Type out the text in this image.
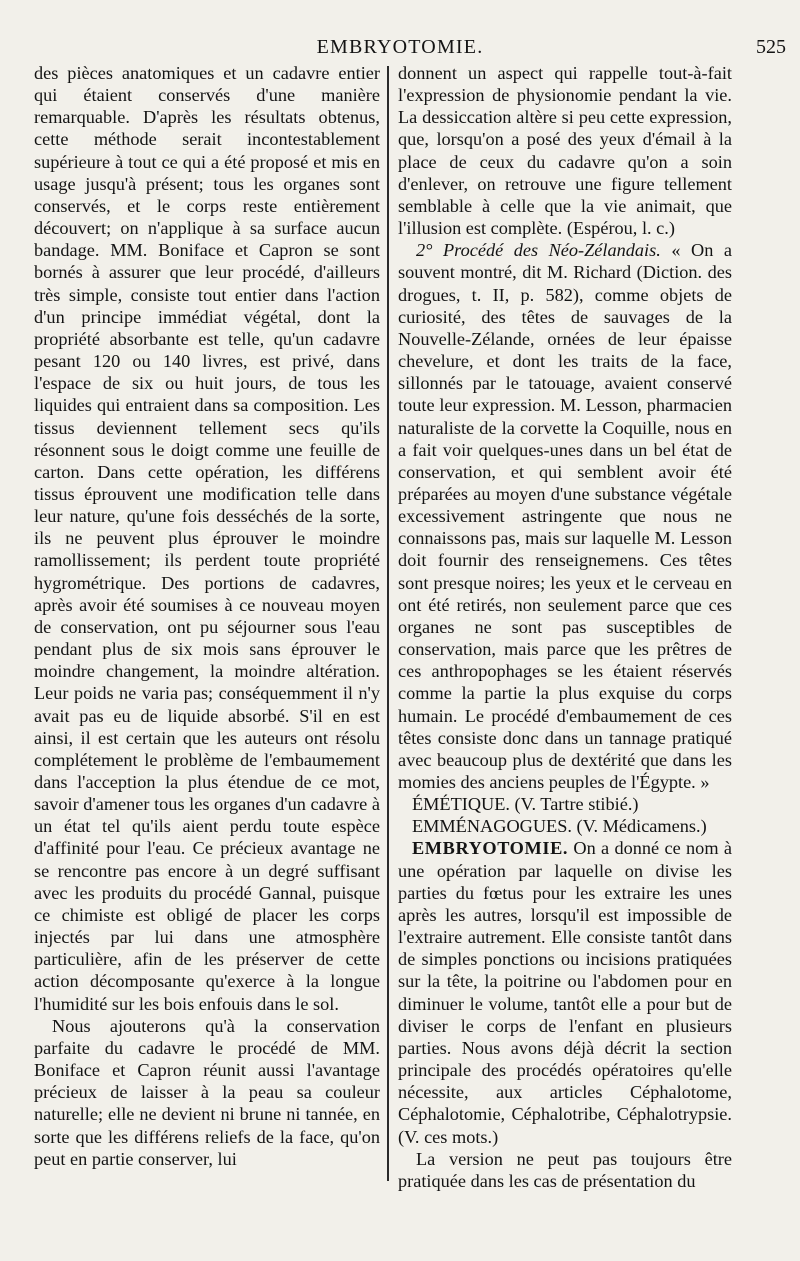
EMBRYOTOMIE.	525

des pièces anatomiques et un cadavre entier qui étaient conservés d'une manière remarquable. D'après les résultats obtenus, cette méthode serait incontestablement supérieure à tout ce qui a été proposé et mis en usage jusqu'à présent; tous les organes sont conservés, et le corps reste entièrement découvert; on n'applique à sa surface aucun bandage. MM. Boniface et Capron se sont bornés à assurer que leur procédé, d'ailleurs très simple, consiste tout entier dans l'action d'un principe immédiat végétal, dont la propriété absorbante est telle, qu'un cadavre pesant 120 ou 140 livres, est privé, dans l'espace de six ou huit jours, de tous les liquides qui entraient dans sa composition. Les tissus deviennent tellement secs qu'ils résonnent sous le doigt comme une feuille de carton. Dans cette opération, les différens tissus éprouvent une modification telle dans leur nature, qu'une fois desséchés de la sorte, ils ne peuvent plus éprouver le moindre ramollissement; ils perdent toute propriété hygrométrique. Des portions de cadavres, après avoir été soumises à ce nouveau moyen de conservation, ont pu séjourner sous l'eau pendant plus de six mois sans éprouver le moindre changement, la moindre altération. Leur poids ne varia pas; conséquemment il n'y avait pas eu de liquide absorbé. S'il en est ainsi, il est certain que les auteurs ont résolu complétement le problème de l'embaumement dans l'acception la plus étendue de ce mot, savoir d'amener tous les organes d'un cadavre à un état tel qu'ils aient perdu toute espèce d'affinité pour l'eau. Ce précieux avantage ne se rencontre pas encore à un degré suffisant avec les produits du procédé Gannal, puisque ce chimiste est obligé de placer les corps injectés par lui dans une atmosphère particulière, afin de les préserver de cette action décomposante qu'exerce à la longue l'humidité sur les bois enfouis dans le sol.

Nous ajouterons qu'à la conservation parfaite du cadavre le procédé de MM. Boniface et Capron réunit aussi l'avantage précieux de laisser à la peau sa couleur naturelle; elle ne devient ni brune ni tannée, en sorte que les différens reliefs de la face, qu'on peut en partie conserver, lui

donnent un aspect qui rappelle tout-à-fait l'expression de physionomie pendant la vie. La dessiccation altère si peu cette expression, que, lorsqu'on a posé des yeux d'émail à la place de ceux du cadavre qu'on a soin d'enlever, on retrouve une figure tellement semblable à celle que la vie animait, que l'illusion est complète. (Espérou, l. c.)

2° Procédé des Néo-Zélandais. « On a souvent montré, dit M. Richard (Diction. des drogues, t. II, p. 582), comme objets de curiosité, des têtes de sauvages de la Nouvelle-Zélande, ornées de leur épaisse chevelure, et dont les traits de la face, sillonnés par le tatouage, avaient conservé toute leur expression. M. Lesson, pharmacien naturaliste de la corvette la Coquille, nous en a fait voir quelques-unes dans un bel état de conservation, et qui semblent avoir été préparées au moyen d'une substance végétale excessivement astringente que nous ne connaissons pas, mais sur laquelle M. Lesson doit fournir des renseignemens. Ces têtes sont presque noires; les yeux et le cerveau en ont été retirés, non seulement parce que ces organes ne sont pas susceptibles de conservation, mais parce que les prêtres de ces anthropophages se les étaient réservés comme la partie la plus exquise du corps humain. Le procédé d'embaumement de ces têtes consiste donc dans un tannage pratiqué avec beaucoup plus de dextérité que dans les momies des anciens peuples de l'Égypte. »

ÉMÉTIQUE. (V. Tartre stibié.)

EMMÉNAGOGUES. (V. Médicamens.)

EMBRYOTOMIE. On a donné ce nom à une opération par laquelle on divise les parties du fœtus pour les extraire les unes après les autres, lorsqu'il est impossible de l'extraire autrement. Elle consiste tantôt dans de simples ponctions ou incisions pratiquées sur la tête, la poitrine ou l'abdomen pour en diminuer le volume, tantôt elle a pour but de diviser le corps de l'enfant en plusieurs parties. Nous avons déjà décrit la section principale des procédés opératoires qu'elle nécessite, aux articles Céphalotome, Céphalotomie, Céphalotribe, Céphalotrypsie. (V. ces mots.)

La version ne peut pas toujours être pratiquée dans les cas de présentation du
